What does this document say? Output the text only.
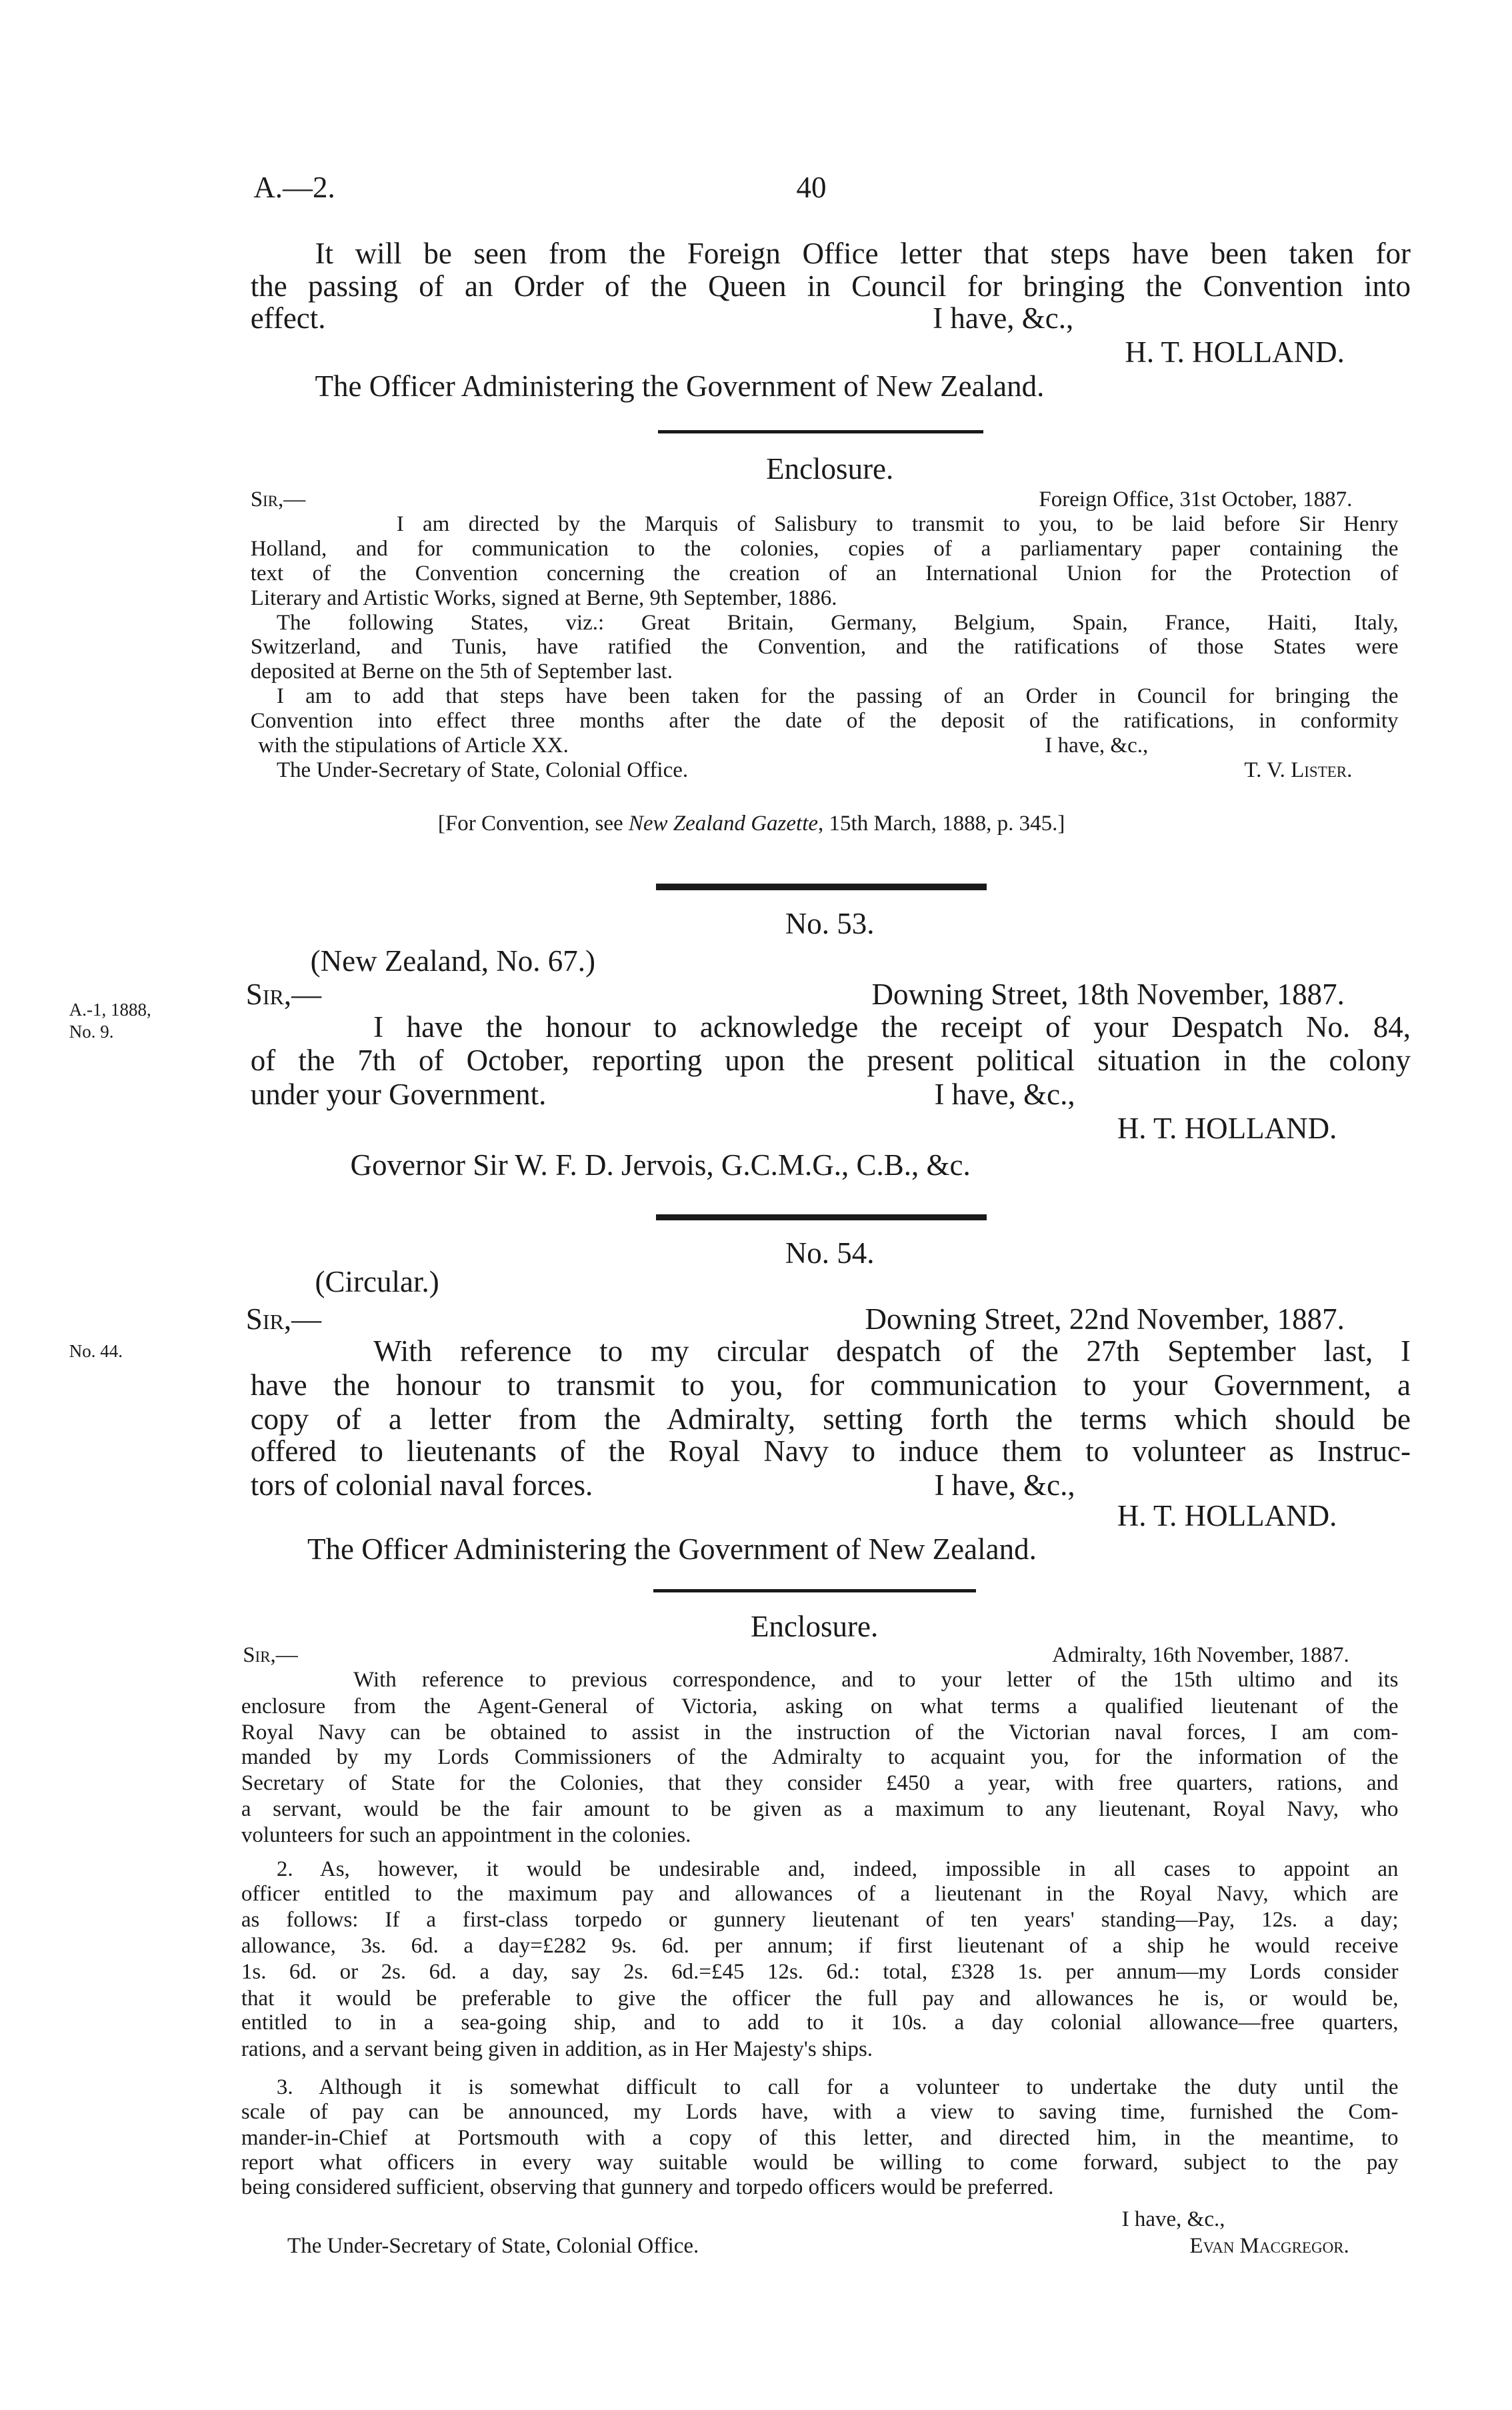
A.—2.	40
It will be seen from the Foreign Office letter that steps have been taken for
the passing of an Order of the Queen in Council for bringing the Convention into
effect.	I have, &c.,
H. T. HOLLAND.
The Officer Administering the Government of New Zealand.
Enclosure.
Sir,—	Foreign Office, 31st October, 1887.
I am directed by the Marquis of Salisbury to transmit to you, to be laid before Sir Henry
Holland, and for communication to the colonies, copies of a parliamentary paper containing the
text of the Convention concerning the creation of an International Union for the Protection of
Literary and Artistic Works, signed at Berne, 9th September, 1886.
The following States, viz.: Great Britain, Germany, Belgium, Spain, France, Haiti, Italy,
Switzerland, and Tunis, have ratified the Convention, and the ratifications of those States were
deposited at Berne on the 5th of September last.
I am to add that steps have been taken for the passing of an Order in Council for bringing the
Convention into effect three months after the date of the deposit of the ratifications, in conformity
with the stipulations of Article XX.	I have, &c.,
The Under-Secretary of State, Colonial Office.	T. V. Lister.
No. 53.
(New Zealand, No. 67.)
Sir,—	Downing Street, 18th November, 1887.
A.-1, 1888,
No. 9.	I have the honour to acknowledge the receipt of your Despatch No. 84,
of the 7th of October, reporting upon the present political situation in the colony
under your Government.	I have, &c.,
H. T. HOLLAND.
Governor Sir W. F. D. Jervois, G.C.M.G., C.B., &c.
No. 54.
(Circular.)
Sir,—	Downing Street, 22nd November, 1887.
No. 44.	With reference to my circular despatch of the 27th September last, I
have the honour to transmit to you, for communication to your Government, a
copy of a letter from the Admiralty, setting forth the terms which should be
offered to lieutenants of the Royal Navy to induce them to volunteer as Instruc-
tors of colonial naval forces.	I have, &c.,
H. T. HOLLAND.
The Officer Administering the Government of New Zealand.
Enclosure.
Sir,—	Admiralty, 16th November, 1887.
The Under-Secretary of State, Colonial Office.
I have, &c.,
Evan Macgregor.
With reference to previous correspondence, and to your letter of the 15th ultimo and its
enclosure from the Agent-General of Victoria, asking on what terms a qualified lieutenant of the
Royal Navy can be obtained to assist in the instruction of the Victorian naval forces, I am com-
manded by my Lords Commissioners of the Admiralty to acquaint you, for the information of the
Secretary of State for the Colonies, that they consider £450 a year, with free quarters, rations, and
a servant, would be the fair amount to be given as a maximum to any lieutenant, Royal Navy, who
volunteers for such an appointment in the colonies.
2. As, however, it would be undesirable and, indeed, impossible in all cases to appoint an
officer entitled to the maximum pay and allowances of a lieutenant in the Royal Navy, which are
as follows: If a first-class torpedo or gunnery lieutenant of ten years' standing—Pay, 12s. a day;
allowance, 3s. 6d. a day=£282 9s. 6d. per annum; if first lieutenant of a ship he would receive
1s. 6d. or 2s. 6d. a day, say 2s. 6d.=£45 12s. 6d.: total, £328 1s. per annum—my Lords consider
that it would be preferable to give the officer the full pay and allowances he is, or would be,
entitled to in a sea-going ship, and to add to it 10s. a day colonial allowance—free quarters,
rations, and a servant being given in addition, as in Her Majesty's ships.
3. Although it is somewhat difficult to call for a volunteer to undertake the duty until the
scale of pay can be announced, my Lords have, with a view to saving time, furnished the Com-
mander-in-Chief at Portsmouth with a copy of this letter, and directed him, in the meantime, to
report what officers in every way suitable would be willing to come forward, subject to the pay
being considered sufficient, observing that gunnery and torpedo officers would be preferred.
[For Convention, see New Zealand Gazette, 15th March, 1888, p. 345.]
